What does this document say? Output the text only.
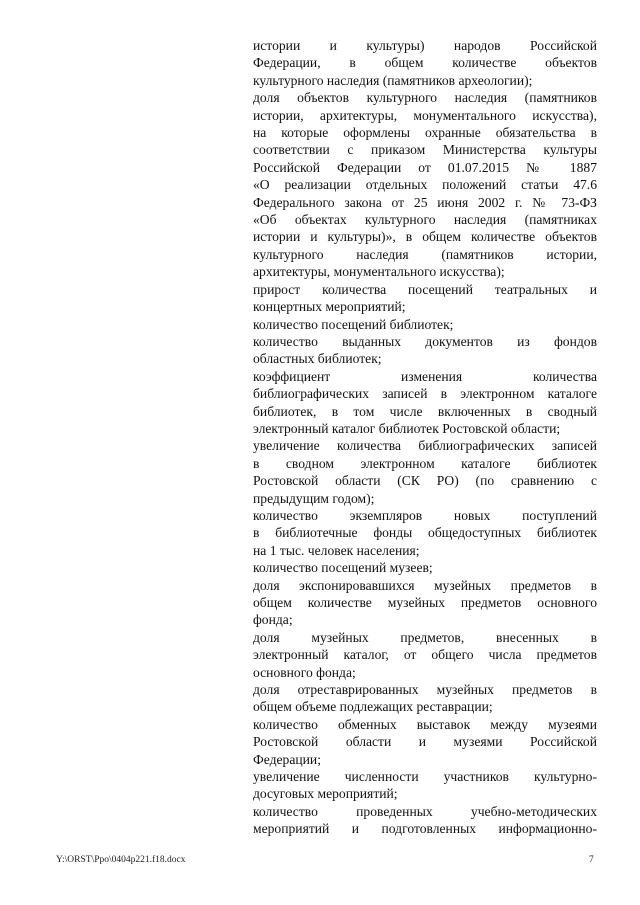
истории и культуры) народов Российской
Федерации, в общем количестве объектов
культурного наследия (памятников археологии);

доля объектов культурного наследия (памятников
истории, архитектуры, монументального искусства),
на которые оформлены охранные обязательства в
соответствии с приказом Министерства культуры
Российской Федерации от 01.07.2015 № 1887
«О реализации отдельных положений статьи 47.6
Федерального закона от 25 июня 2002 г. № 73-ФЗ
«Об объектах культурного наследия (памятниках
истории и культуры)», в общем количестве объектов
культурного наследия (памятников истории,
архитектуры, монументального искусства);

прирост количества посещений театральных и
концертных мероприятий;

количество посещений библиотек;

количество выданных документов из фондов
областных библиотек;

коэффициент изменения количества
библиографических записей в электронном каталоге
библиотек, в том числе включенных в сводный
электронный каталог библиотек Ростовской области;

увеличение количества библиографических записей
в сводном электронном каталоге библиотек
Ростовской области (СК РО) (по сравнению с
предыдущим годом);

количество экземпляров новых поступлений
в библиотечные фонды общедоступных библиотек
на 1 тыс. человек населения;

количество посещений музеев;

доля экспонировавшихся музейных предметов в
общем количестве музейных предметов основного
фонда;

доля музейных предметов, внесенных в
электронный каталог, от общего числа предметов
основного фонда;

доля отреставрированных музейных предметов в
общем объеме подлежащих реставрации;

количество обменных выставок между музеями
Ростовской области и музеями Российской
Федерации;

увеличение численности участников культурно-
досуговых мероприятий;

количество проведенных учебно-методических
мероприятий и подготовленных информационно-

Y:\ORST\Ppo\0404p221.f18.docx	7
